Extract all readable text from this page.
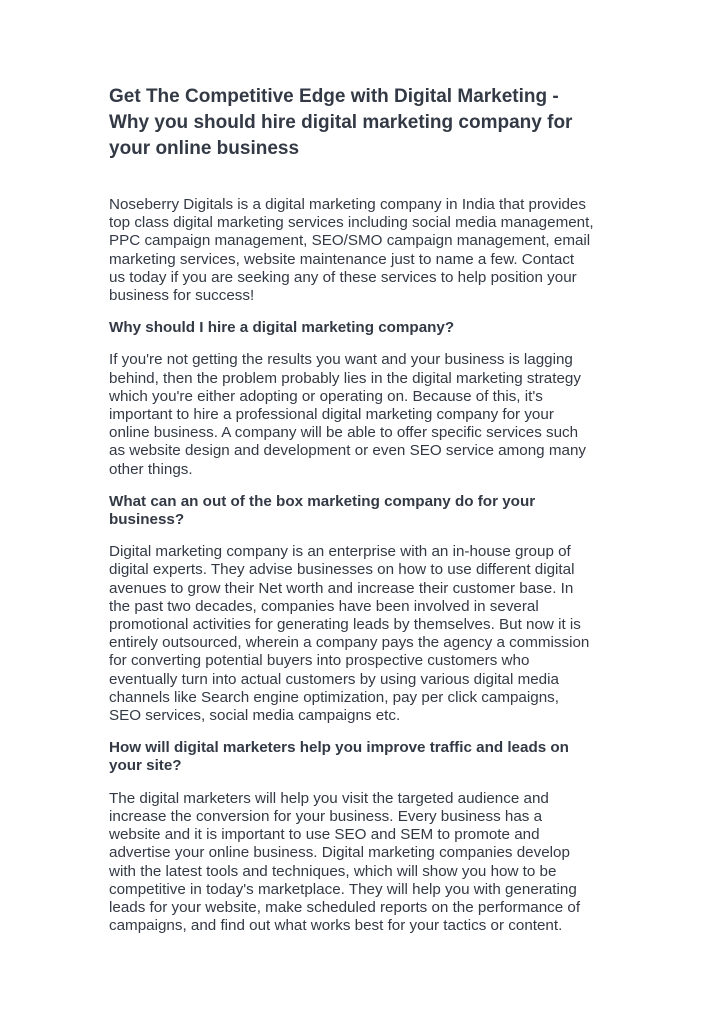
Get The Competitive Edge with Digital Marketing -
Why you should hire digital marketing company for
your online business

Noseberry Digitals is a digital marketing company in India that provides
top class digital marketing services including social media management,
PPC campaign management, SEO/SMO campaign management, email
marketing services, website maintenance just to name a few. Contact
us today if you are seeking any of these services to help position your
business for success!

Why should I hire a digital marketing company?

If you're not getting the results you want and your business is lagging
behind, then the problem probably lies in the digital marketing strategy
which you're either adopting or operating on. Because of this, it's
important to hire a professional digital marketing company for your
online business. A company will be able to offer specific services such
as website design and development or even SEO service among many
other things.

What can an out of the box marketing company do for your
business?

Digital marketing company is an enterprise with an in-house group of
digital experts. They advise businesses on how to use different digital
avenues to grow their Net worth and increase their customer base. In
the past two decades, companies have been involved in several
promotional activities for generating leads by themselves. But now it is
entirely outsourced, wherein a company pays the agency a commission
for converting potential buyers into prospective customers who
eventually turn into actual customers by using various digital media
channels like Search engine optimization, pay per click campaigns,
SEO services, social media campaigns etc.

How will digital marketers help you improve traffic and leads on
your site?

The digital marketers will help you visit the targeted audience and
increase the conversion for your business. Every business has a
website and it is important to use SEO and SEM to promote and
advertise your online business. Digital marketing companies develop
with the latest tools and techniques, which will show you how to be
competitive in today's marketplace. They will help you with generating
leads for your website, make scheduled reports on the performance of
campaigns, and find out what works best for your tactics or content.
